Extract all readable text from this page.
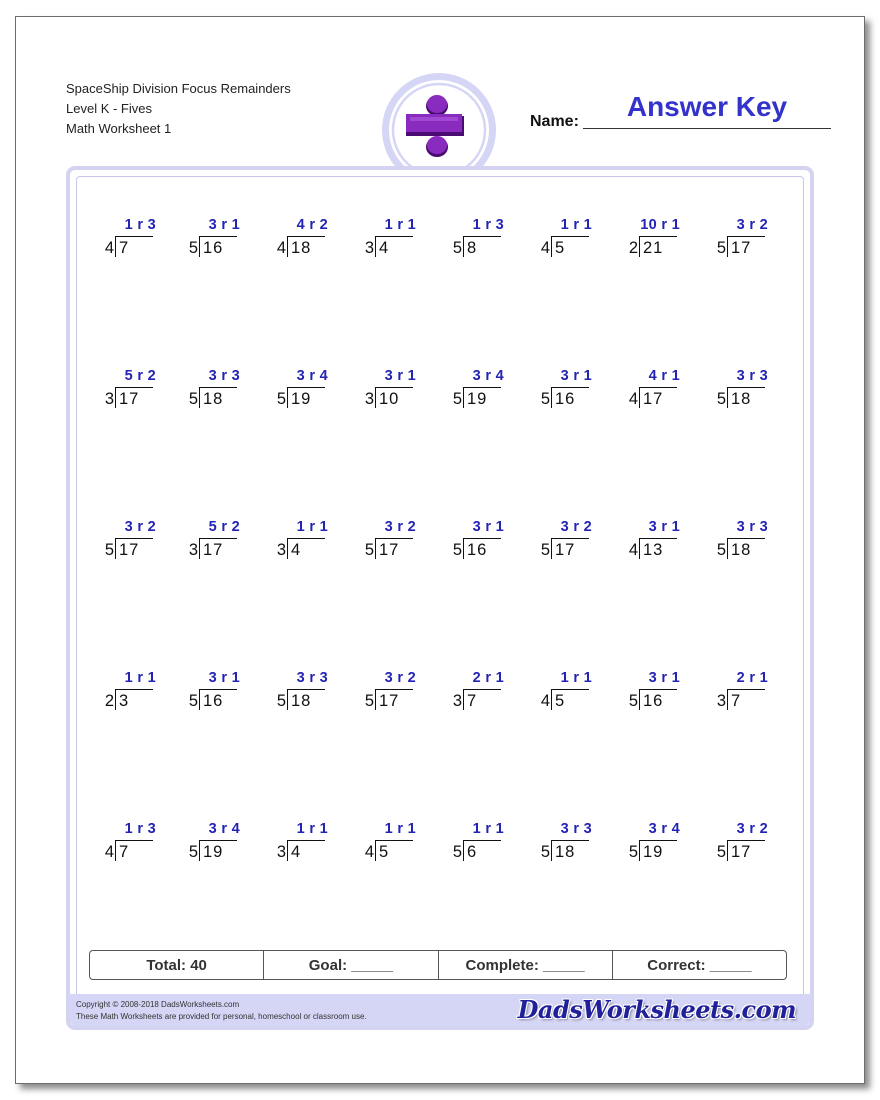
SpaceShip Division Focus Remainders
Level K - Fives
Math Worksheet 1
Answer Key
Name:
1 r 3
4 7
3 r 1
5 16
4 r 2
4 18
1 r 1
3 4
1 r 3
5 8
1 r 1
4 5
10 r 1
2 21
3 r 2
5 17
5 r 2
3 17
3 r 3
5 18
3 r 4
5 19
3 r 1
3 10
3 r 4
5 19
3 r 1
5 16
4 r 1
4 17
3 r 3
5 18
3 r 2
5 17
5 r 2
3 17
1 r 1
3 4
3 r 2
5 17
3 r 1
5 16
3 r 2
5 17
3 r 1
4 13
3 r 3
5 18
1 r 1
2 3
3 r 1
5 16
3 r 3
5 18
3 r 2
5 17
2 r 1
3 7
1 r 1
4 5
3 r 1
5 16
2 r 1
3 7
1 r 3
4 7
3 r 4
5 19
1 r 1
3 4
1 r 1
4 5
1 r 1
5 6
3 r 3
5 18
3 r 4
5 19
3 r 2
5 17
Total: 40	Goal: _____	Complete: _____	Correct: _____
Copyright © 2008-2018 DadsWorksheets.com
These Math Worksheets are provided for personal, homeschool or classroom use.	DadsWorksheets.com
